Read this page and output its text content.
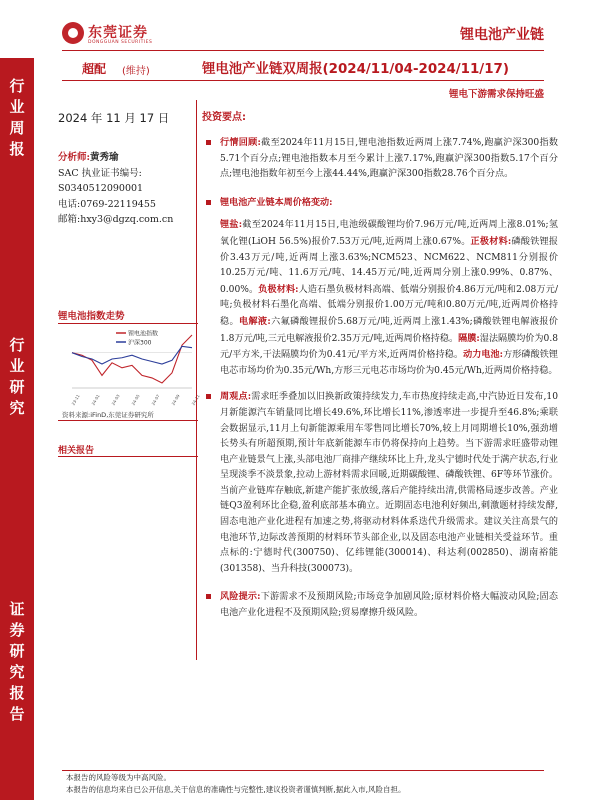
东莞证券
DONGGUAN SECURITIES	锂电池产业链
行
业
周
报
行
业
研
究
证
券
研
究
报
告
超配 (维持)	锂电池产业链双周报(2024/11/04-2024/11/17)
锂电下游需求保持旺盛
2024 年 11 月 17 日
分析师:黄秀瑜
SAC 执业证书编号:
S0340512090001
电话:0769-22119455
邮箱:hxy3@dgzq.com.cn
锂电池指数走势
23-11 24-01 24-03 24-05 24-07 24-09 24-11
锂电池指数
沪深300
资料来源:iFinD,东莞证券研究所
相关报告
投资要点:
行情回顾:截至2024年11月15日,锂电池指数近两周上涨7.74%,跑赢沪深300指数5.71个百分点;锂电池指数本月至今累计上涨7.17%,跑赢沪深300指数5.17个百分点;锂电池指数年初至今上涨44.44%,跑赢沪深300指数28.76个百分点。
锂电池产业链本周价格变动:
锂盐:截至2024年11月15日,电池级碳酸锂均价7.96万元/吨,近两周上涨8.01%;氢氧化锂(LiOH 56.5%)报价7.53万元/吨,近两周上涨0.67%。正极材料:磷酸铁锂报价3.43万元/吨,近两周上涨3.63%;NCM523、NCM622、NCM811分别报价10.25万元/吨、11.6万元/吨、14.45万元/吨,近两周分别上涨0.99%、0.87%、0.00%。负极材料:人造石墨负极材料高端、低端分别报价4.86万元/吨和2.08万元/吨;负极材料石墨化高端、低端分别报价1.00万元/吨和0.80万元/吨,近两周价格持稳。电解液:六氟磷酸锂报价5.68万元/吨,近两周上涨1.43%;磷酸铁锂电解液报价1.8万元/吨,三元电解液报价2.35万元/吨,近两周价格持稳。隔膜:湿法隔膜均价为0.8元/平方米,干法隔膜均价为0.41元/平方米,近两周价格持稳。动力电池:方形磷酸铁锂电芯市场均价为0.35元/Wh,方形三元电芯市场均价为0.45元/Wh,近两周价格持稳。
周观点:需求旺季叠加以旧换新政策持续发力,车市热度持续走高,中汽协近日发布,10月新能源汽车销量同比增长49.6%,环比增长11%,渗透率进一步提升至46.8%;乘联会数据显示,11月上旬新能源乘用车零售同比增长70%,较上月同期增长10%,强劲增长势头有所超预期,预计年底新能源车市仍将保持向上趋势。当下游需求旺盛带动锂电产业链景气上涨,头部电池厂商排产继续环比上升,龙头宁德时代处于满产状态,行业呈现淡季不淡景象,拉动上游材料需求回暖,近期碳酸锂、磷酸铁锂、6F等环节涨价。当前产业链库存触底,新建产能扩张放缓,落后产能持续出清,供需格局逐步改善。产业链Q3盈利环比企稳,盈利底部基本确立。近期固态电池利好频出,刺激题材持续发酵,固态电池产业化进程有加速之势,将驱动材料体系迭代升级需求。建议关注高景气的电池环节,边际改善预期的材料环节头部企业,以及固态电池产业链相关受益环节。重点标的:宁德时代(300750)、亿纬锂能(300014)、科达利(002850)、湖南裕能(301358)、当升科技(300073)。
风险提示:下游需求不及预期风险;市场竞争加剧风险;原材料价格大幅波动风险;固态电池产业化进程不及预期风险;贸易摩擦升级风险。
本报告的风险等级为中高风险。
本报告的信息均来自已公开信息,关于信息的准确性与完整性,建议投资者谨慎判断,据此入市,风险自担。
